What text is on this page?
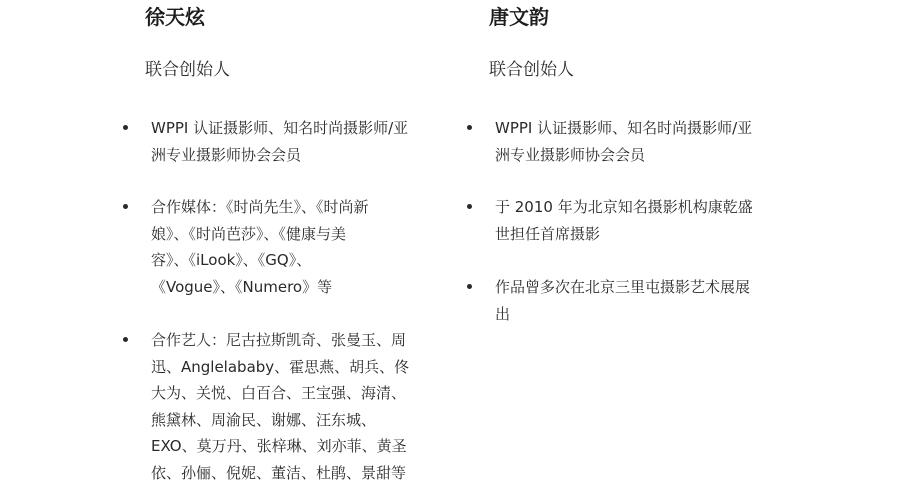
徐天炫
联合创始人
WPPI 认证摄影师、知名时尚摄影师/亚
洲专业摄影师协会会员
合作媒体：《时尚先生》、《时尚新
娘》、《时尚芭莎》、《健康与美
容》、《iLook》、《GQ》、
《Vogue》、《Numero》等
合作艺人：尼古拉斯凯奇、张曼玉、周
迅、Anglelababy、霍思燕、胡兵、佟
大为、关悦、白百合、王宝强、海清、
熊黛林、周渝民、谢娜、汪东城、
EXO、莫万丹、张梓琳、刘亦菲、黄圣
依、孙俪、倪妮、董洁、杜鹃、景甜等
唐文韵
联合创始人
WPPI 认证摄影师、知名时尚摄影师/亚
洲专业摄影师协会会员
于 2010 年为北京知名摄影机构康乾盛
世担任首席摄影
作品曾多次在北京三里屯摄影艺术展展
出
